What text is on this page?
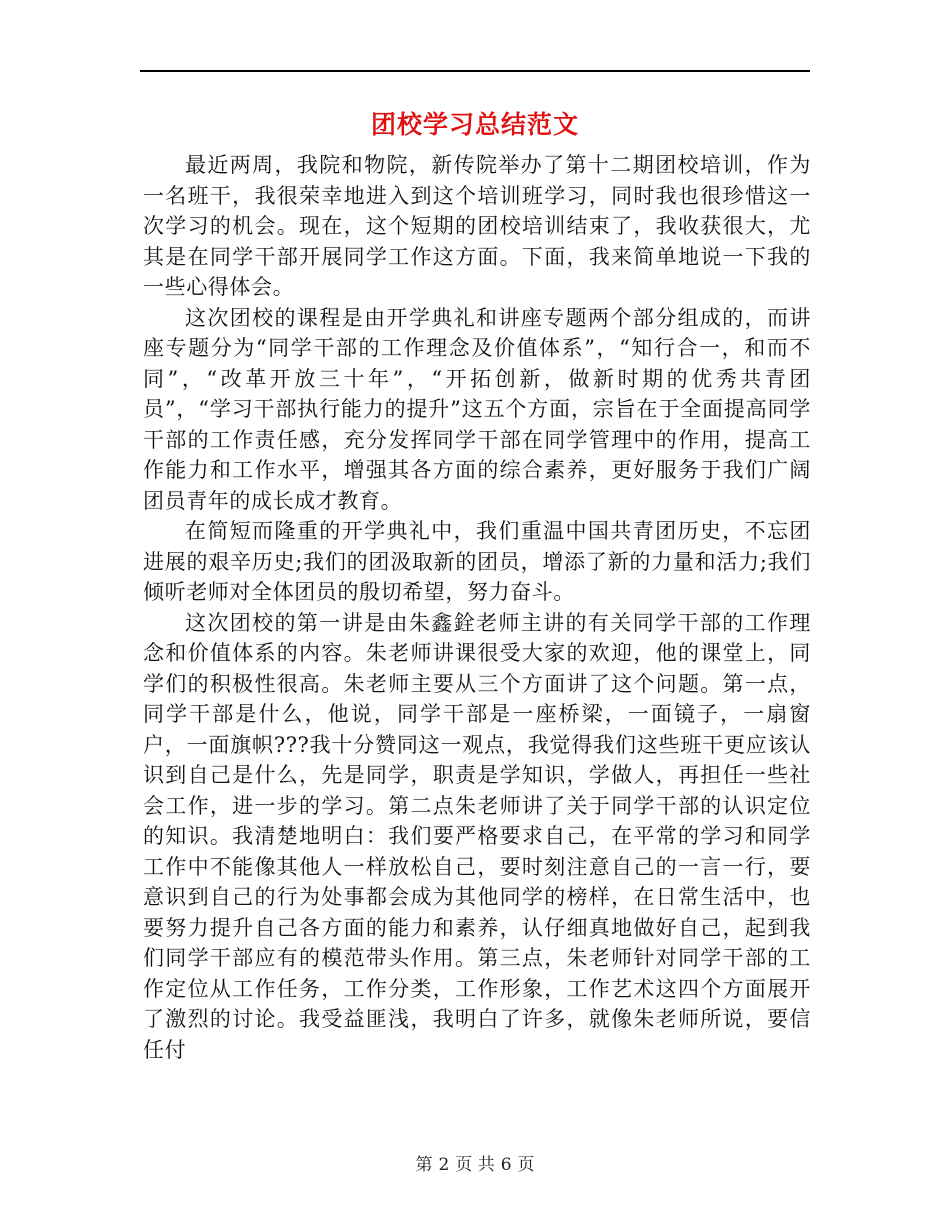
团校学习总结范文

最近两周，我院和物院，新传院举办了第十二期团校培训，作为一名班干，我很荣幸地进入到这个培训班学习，同时我也很珍惜这一次学习的机会。现在，这个短期的团校培训结束了，我收获很大，尤其是在同学干部开展同学工作这方面。下面，我来简单地说一下我的一些心得体会。

这次团校的课程是由开学典礼和讲座专题两个部分组成的，而讲座专题分为“同学干部的工作理念及价值体系”，“知行合一，和而不同”，“改革开放三十年”，“开拓创新，做新时期的优秀共青团员”，“学习干部执行能力的提升”这五个方面，宗旨在于全面提高同学干部的工作责任感，充分发挥同学干部在同学管理中的作用，提高工作能力和工作水平，增强其各方面的综合素养，更好服务于我们广阔团员青年的成长成才教育。

在简短而隆重的开学典礼中，我们重温中国共青团历史，不忘团进展的艰辛历史;我们的团汲取新的团员，增添了新的力量和活力;我们倾听老师对全体团员的殷切希望，努力奋斗。

这次团校的第一讲是由朱鑫銓老师主讲的有关同学干部的工作理念和价值体系的内容。朱老师讲课很受大家的欢迎，他的课堂上，同学们的积极性很高。朱老师主要从三个方面讲了这个问题。第一点，同学干部是什么，他说，同学干部是一座桥梁，一面镜子，一扇窗户，一面旗帜???我十分赞同这一观点，我觉得我们这些班干更应该认识到自己是什么，先是同学，职责是学知识，学做人，再担任一些社会工作，进一步的学习。第二点朱老师讲了关于同学干部的认识定位的知识。我清楚地明白：我们要严格要求自己，在平常的学习和同学工作中不能像其他人一样放松自己，要时刻注意自己的一言一行，要意识到自己的行为处事都会成为其他同学的榜样，在日常生活中，也要努力提升自己各方面的能力和素养，认仔细真地做好自己，起到我们同学干部应有的模范带头作用。第三点，朱老师针对同学干部的工作定位从工作任务，工作分类，工作形象，工作艺术这四个方面展开了激烈的讨论。我受益匪浅，我明白了许多，就像朱老师所说，要信任付

第 2 页 共 6 页
